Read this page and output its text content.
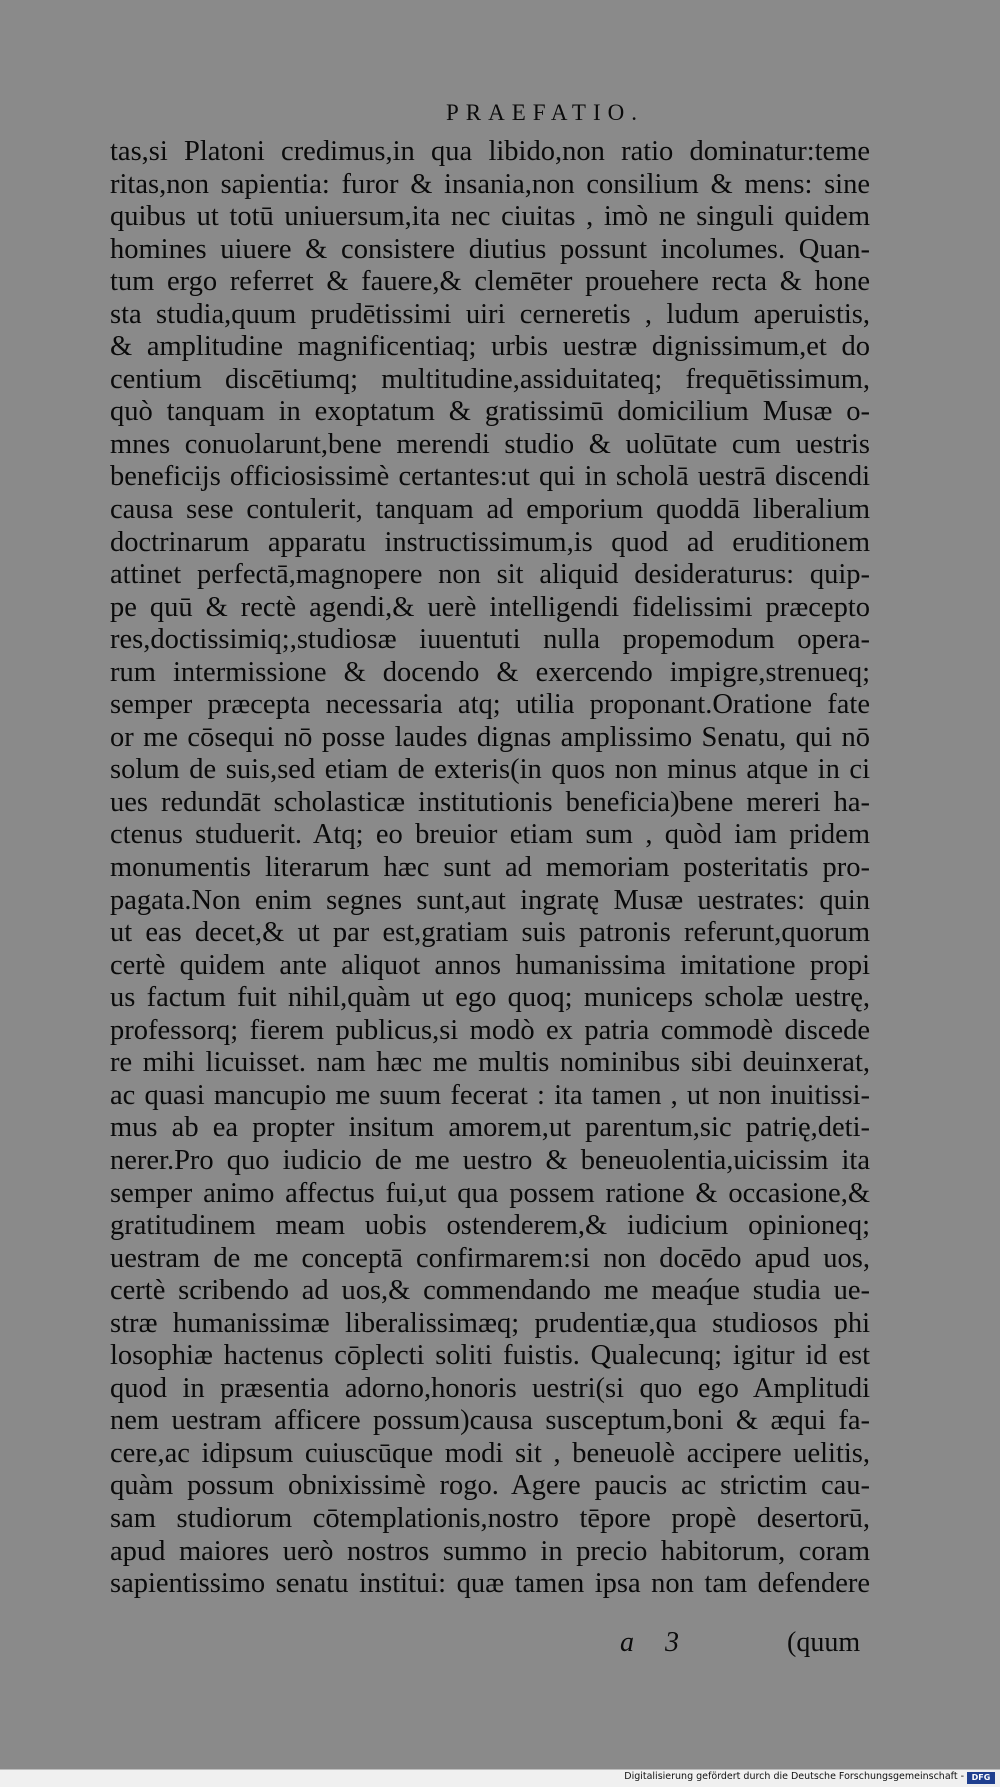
PRAEFATIO.
tas,si Platoni credimus,in qua libido,non ratio dominatur:teme
ritas,non sapientia: furor & insania,non consilium & mens: sine
quibus ut totū uniuersum,ita nec ciuitas , imò ne singuli quidem
homines uiuere & consistere diutius possunt incolumes. Quan-
tum ergo referret & fauere,& clemēter prouehere recta & hone
sta studia,quum prudētissimi uiri cerneretis , ludum aperuistis,
& amplitudine magnificentiaq; urbis uestræ dignissimum,et do
centium discētiumq; multitudine,assiduitateq; frequētissimum,
quò tanquam in exoptatum & gratissimū domicilium Musæ o-
mnes conuolarunt,bene merendi studio & uolūtate cum uestris
beneficijs officiosissimè certantes:ut qui in scholā uestrā discendi
causa sese contulerit, tanquam ad emporium quoddā liberalium
doctrinarum apparatu instructissimum,is quod ad eruditionem
attinet perfectā,magnopere non sit aliquid desideraturus: quip-
pe quū & rectè agendi,& uerè intelligendi fidelissimi præcepto
res,doctissimiq;,studiosæ iuuentuti nulla propemodum opera-
rum intermissione & docendo & exercendo impigre,strenueq;
semper præcepta necessaria atq; utilia proponant.Oratione fate
or me cōsequi nō posse laudes dignas amplissimo Senatu, qui nō
solum de suis,sed etiam de exteris(in quos non minus atque in ci
ues redundāt scholasticæ institutionis beneficia)bene mereri ha-
ctenus studuerit. Atq; eo breuior etiam sum , quòd iam pridem
monumentis literarum hæc sunt ad memoriam posteritatis pro-
pagata.Non enim segnes sunt,aut ingratę Musæ uestrates: quin
ut eas decet,& ut par est,gratiam suis patronis referunt,quorum
certè quidem ante aliquot annos humanissima imitatione propi
us factum fuit nihil,quàm ut ego quoq; municeps scholæ uestrę,
professorq; fierem publicus,si modò ex patria commodè discede
re mihi licuisset. nam hæc me multis nominibus sibi deuinxerat,
ac quasi mancupio me suum fecerat : ita tamen , ut non inuitissi-
mus ab ea propter insitum amorem,ut parentum,sic patrię,deti-
nerer.Pro quo iudicio de me uestro & beneuolentia,uicissim ita
semper animo affectus fui,ut qua possem ratione & occasione,&
gratitudinem meam uobis ostenderem,& iudicium opinioneq;
uestram de me conceptā confirmarem:si non docēdo apud uos,
certè scribendo ad uos,& commendando me meaq́ue studia ue-
stræ humanissimæ liberalissimæq; prudentiæ,qua studiosos phi
losophiæ hactenus cōplecti soliti fuistis. Qualecunq; igitur id est
quod in præsentia adorno,honoris uestri(si quo ego Amplitudi
nem uestram afficere possum)causa susceptum,boni & æqui fa-
cere,ac idipsum cuiuscūque modi sit , beneuolè accipere uelitis,
quàm possum obnixissimè rogo. Agere paucis ac strictim cau-
sam studiorum cōtemplationis,nostro tēpore propè desertorū,
apud maiores uerò nostros summo in precio habitorum, coram
sapientissimo senatu institui: quæ tamen ipsa non tam defendere
a 3	(quum
Digitalisierung gefördert durch die Deutsche Forschungsgemeinschaft - DFG
